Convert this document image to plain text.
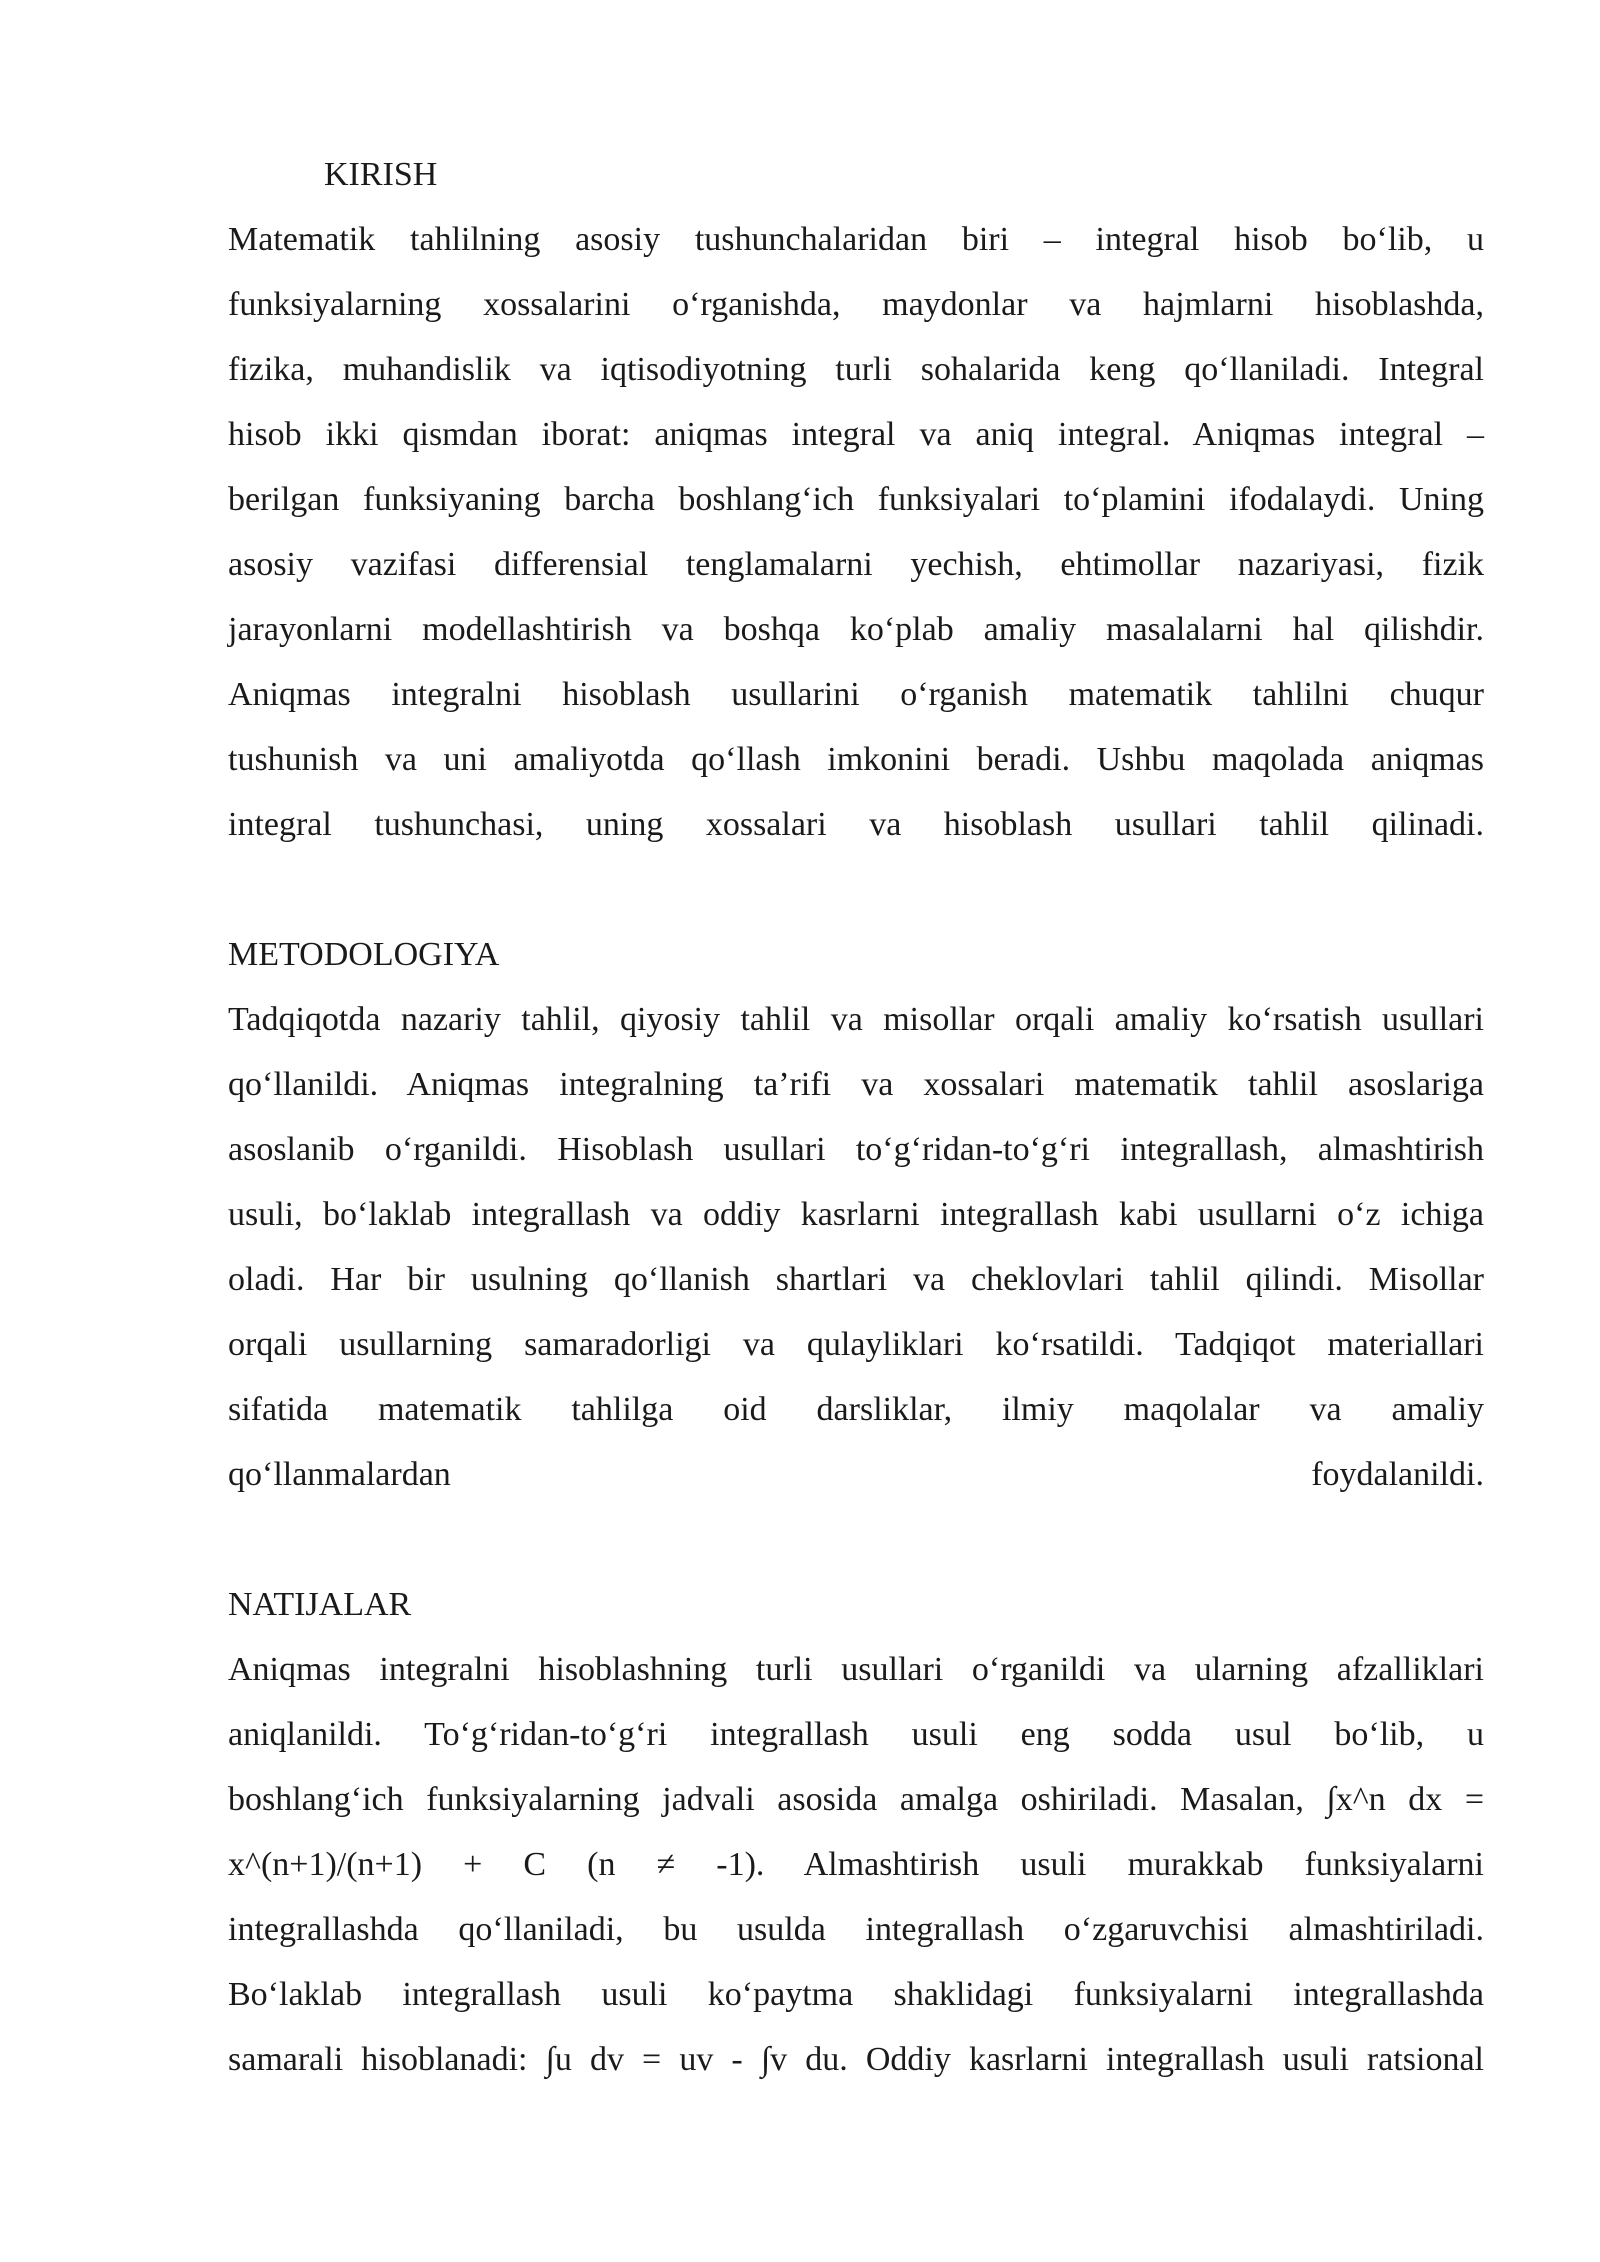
KIRISH
Matematik tahlilning asosiy tushunchalaridan biri – integral hisob bo‘lib, u
funksiyalarning xossalarini o‘rganishda, maydonlar va hajmlarni hisoblashda,
fizika, muhandislik va iqtisodiyotning turli sohalarida keng qo‘llaniladi. Integral
hisob ikki qismdan iborat: aniqmas integral va aniq integral. Aniqmas integral –
berilgan funksiyaning barcha boshlang‘ich funksiyalari to‘plamini ifodalaydi. Uning
asosiy vazifasi differensial tenglamalarni yechish, ehtimollar nazariyasi, fizik
jarayonlarni modellashtirish va boshqa ko‘plab amaliy masalalarni hal qilishdir.
Aniqmas integralni hisoblash usullarini o‘rganish matematik tahlilni chuqur
tushunish va uni amaliyotda qo‘llash imkonini beradi. Ushbu maqolada aniqmas
integral tushunchasi, uning xossalari va hisoblash usullari tahlil qilinadi.
METODOLOGIYA
Tadqiqotda nazariy tahlil, qiyosiy tahlil va misollar orqali amaliy ko‘rsatish usullari
qo‘llanildi. Aniqmas integralning ta’rifi va xossalari matematik tahlil asoslariga
asoslanib o‘rganildi. Hisoblash usullari to‘g‘ridan-to‘g‘ri integrallash, almashtirish
usuli, bo‘laklab integrallash va oddiy kasrlarni integrallash kabi usullarni o‘z ichiga
oladi. Har bir usulning qo‘llanish shartlari va cheklovlari tahlil qilindi. Misollar
orqali usullarning samaradorligi va qulayliklari ko‘rsatildi. Tadqiqot materiallari
sifatida matematik tahlilga oid darsliklar, ilmiy maqolalar va amaliy
qo‘llanmalardan foydalanildi.
NATIJALAR
Aniqmas integralni hisoblashning turli usullari o‘rganildi va ularning afzalliklari
aniqlanildi. To‘g‘ridan-to‘g‘ri integrallash usuli eng sodda usul bo‘lib, u
boshlang‘ich funksiyalarning jadvali asosida amalga oshiriladi. Masalan, ∫x^n dx =
x^(n+1)/(n+1) + C (n ≠ -1). Almashtirish usuli murakkab funksiyalarni
integrallashda qo‘llaniladi, bu usulda integrallash o‘zgaruvchisi almashtiriladi.
Bo‘laklab integrallash usuli ko‘paytma shaklidagi funksiyalarni integrallashda
samarali hisoblanadi: ∫u dv = uv - ∫v du. Oddiy kasrlarni integrallash usuli ratsional
